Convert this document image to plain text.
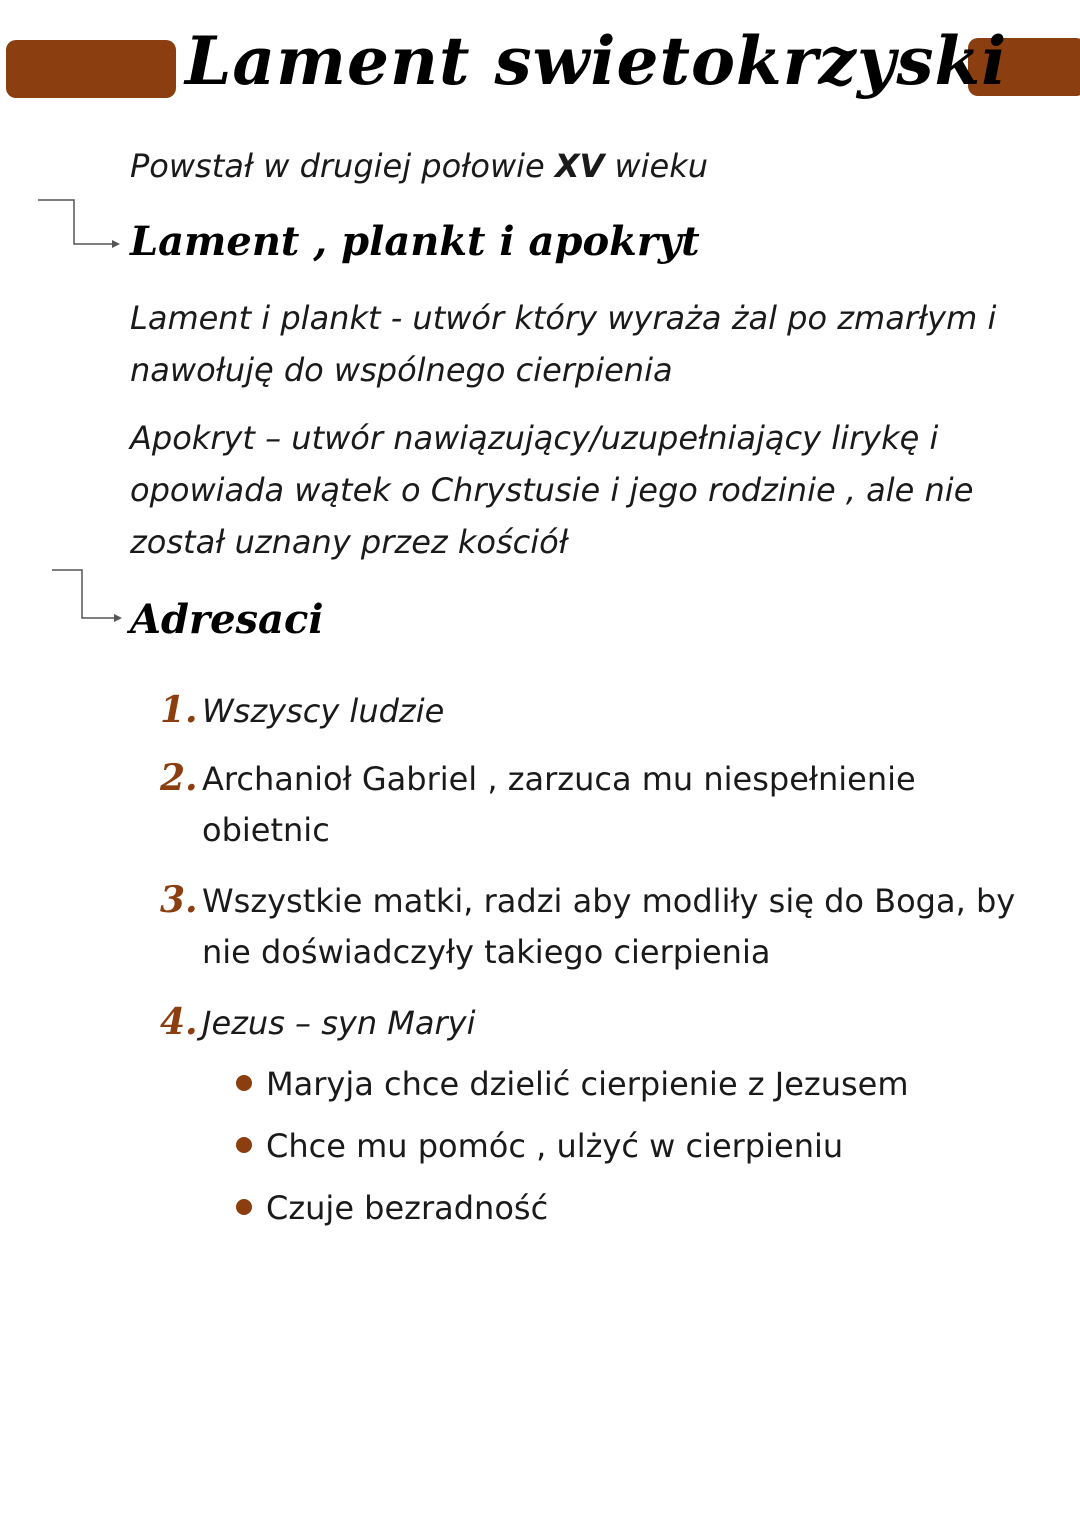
Lament swietokrzyski
Powstał w drugiej połowie XV wieku
Lament , plankt i apokryt
Lament i plankt - utwór który wyraża żal po zmarłym i
nawołuję do wspólnego cierpienia
Apokryt – utwór nawiązujący/uzupełniający lirykę i
opowiada wątek o Chrystusie i jego rodzinie , ale nie
został uznany przez kościół
Adresaci
1. Wszyscy ludzie
2. Archanioł Gabriel , zarzuca mu niespełnienie
obietnic
3. Wszystkie matki, radzi aby modliły się do Boga, by
nie doświadczyły takiego cierpienia
4. Jezus – syn Maryi
Maryja chce dzielić cierpienie z Jezusem
Chce mu pomóc , ulżyć w cierpieniu
Czuje bezradność
